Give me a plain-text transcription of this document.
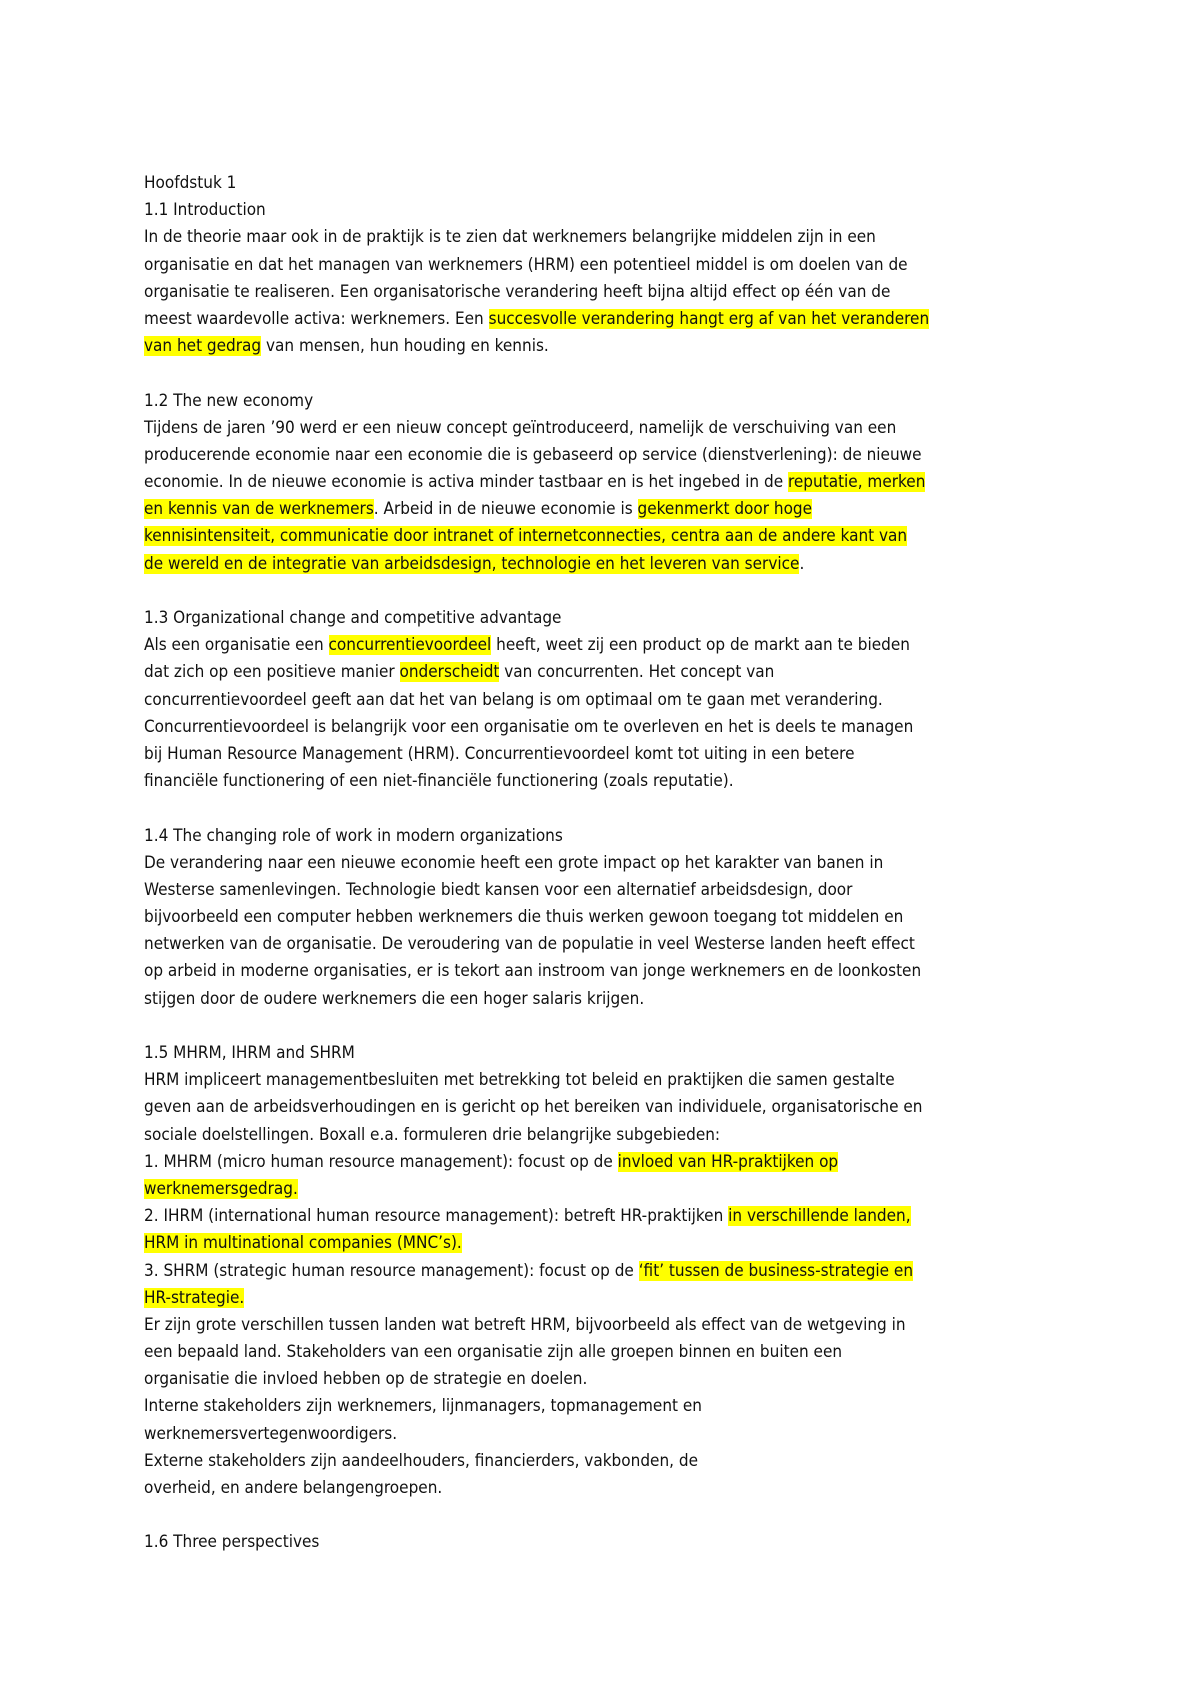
Hoofdstuk 1
1.1 Introduction
In de theorie maar ook in de praktijk is te zien dat werknemers belangrijke middelen zijn in een
organisatie en dat het managen van werknemers (HRM) een potentieel middel is om doelen van de
organisatie te realiseren. Een organisatorische verandering heeft bijna altijd effect op één van de
meest waardevolle activa: werknemers. Een succesvolle verandering hangt erg af van het veranderen
van het gedrag van mensen, hun houding en kennis.
1.2 The new economy
Tijdens de jaren ’90 werd er een nieuw concept geïntroduceerd, namelijk de verschuiving van een
producerende economie naar een economie die is gebaseerd op service (dienstverlening): de nieuwe
economie. In de nieuwe economie is activa minder tastbaar en is het ingebed in de reputatie, merken
en kennis van de werknemers. Arbeid in de nieuwe economie is gekenmerkt door hoge
kennisintensiteit, communicatie door intranet of internetconnecties, centra aan de andere kant van
de wereld en de integratie van arbeidsdesign, technologie en het leveren van service.
1.3 Organizational change and competitive advantage
Als een organisatie een concurrentievoordeel heeft, weet zij een product op de markt aan te bieden
dat zich op een positieve manier onderscheidt van concurrenten. Het concept van
concurrentievoordeel geeft aan dat het van belang is om optimaal om te gaan met verandering.
Concurrentievoordeel is belangrijk voor een organisatie om te overleven en het is deels te managen
bij Human Resource Management (HRM). Concurrentievoordeel komt tot uiting in een betere
financiële functionering of een niet-financiële functionering (zoals reputatie).
1.4 The changing role of work in modern organizations
De verandering naar een nieuwe economie heeft een grote impact op het karakter van banen in
Westerse samenlevingen. Technologie biedt kansen voor een alternatief arbeidsdesign, door
bijvoorbeeld een computer hebben werknemers die thuis werken gewoon toegang tot middelen en
netwerken van de organisatie. De veroudering van de populatie in veel Westerse landen heeft effect
op arbeid in moderne organisaties, er is tekort aan instroom van jonge werknemers en de loonkosten
stijgen door de oudere werknemers die een hoger salaris krijgen.
1.5 MHRM, IHRM and SHRM
HRM impliceert managementbesluiten met betrekking tot beleid en praktijken die samen gestalte
geven aan de arbeidsverhoudingen en is gericht op het bereiken van individuele, organisatorische en
sociale doelstellingen. Boxall e.a. formuleren drie belangrijke subgebieden:
1. MHRM (micro human resource management): focust op de invloed van HR-praktijken op
werknemersgedrag.
2. IHRM (international human resource management): betreft HR-praktijken in verschillende landen,
HRM in multinational companies (MNC’s).
3. SHRM (strategic human resource management): focust op de ‘fit’ tussen de business-strategie en
HR-strategie.
Er zijn grote verschillen tussen landen wat betreft HRM, bijvoorbeeld als effect van de wetgeving in
een bepaald land. Stakeholders van een organisatie zijn alle groepen binnen en buiten een
organisatie die invloed hebben op de strategie en doelen.
Interne stakeholders zijn werknemers, lijnmanagers, topmanagement en
werknemersvertegenwoordigers.
Externe stakeholders zijn aandeelhouders, financierders, vakbonden, de
overheid, en andere belangengroepen.
1.6 Three perspectives
